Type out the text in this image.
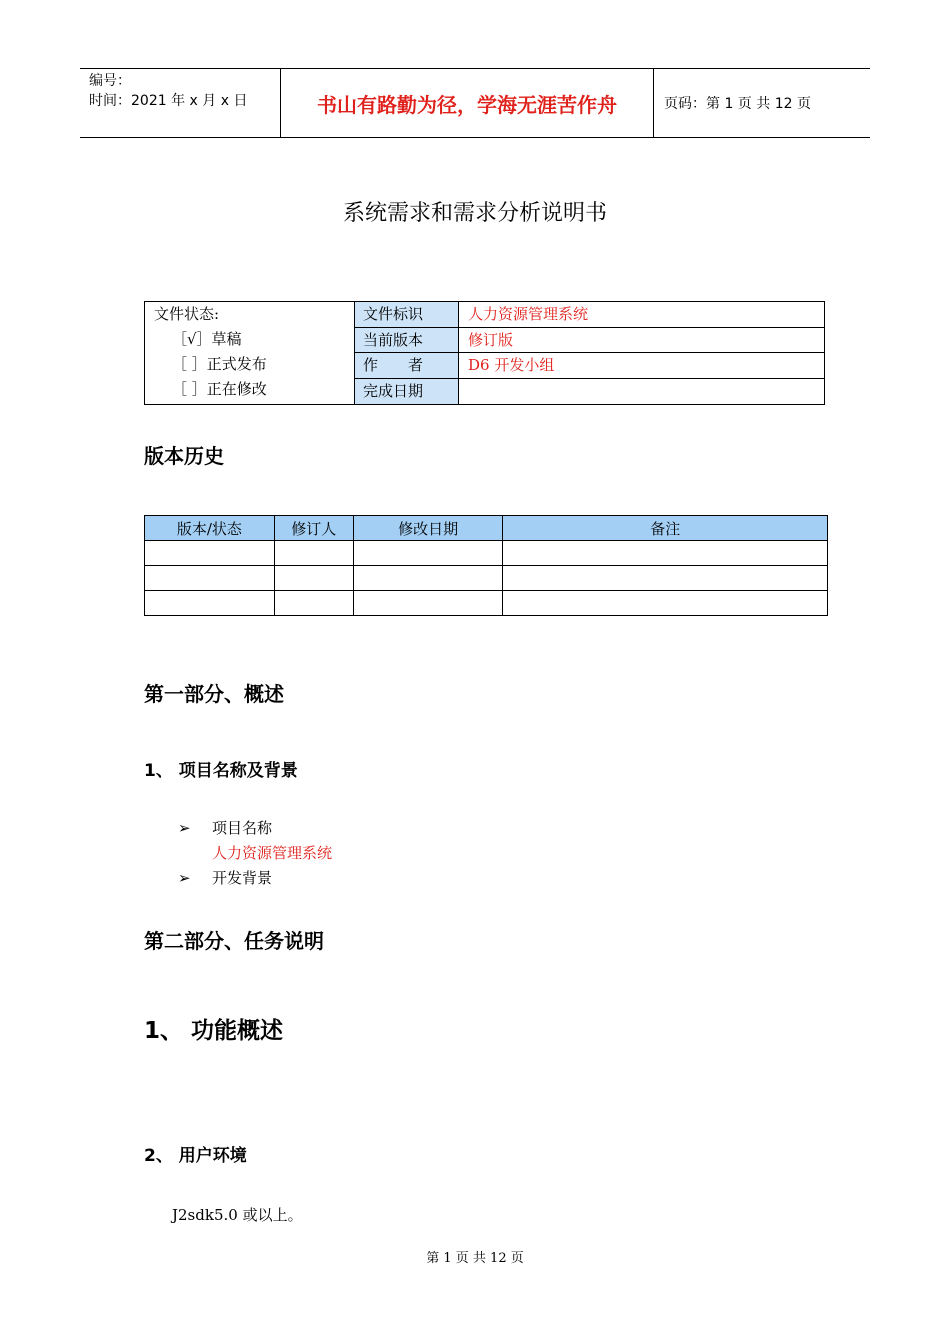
编号：
时间：2021 年 x 月 x 日	书山有路勤为径，学海无涯苦作舟	页码：第 1 页 共 12 页
系统需求和需求分析说明书
文件状态:
［√］草稿
［ ］正式发布
［ ］正在修改
文件标识	人力资源管理系统
当前版本	修订版
作　　者	D6 开发小组
完成日期
版本历史
版本/状态	修订人	修改日期	备注

第一部分、概述
1、 项目名称及背景
➢	项目名称
人力资源管理系统
➢	开发背景
第二部分、任务说明
1、 功能概述
2、 用户环境
J2sdk5.0 或以上。
第 1 页 共 12 页
